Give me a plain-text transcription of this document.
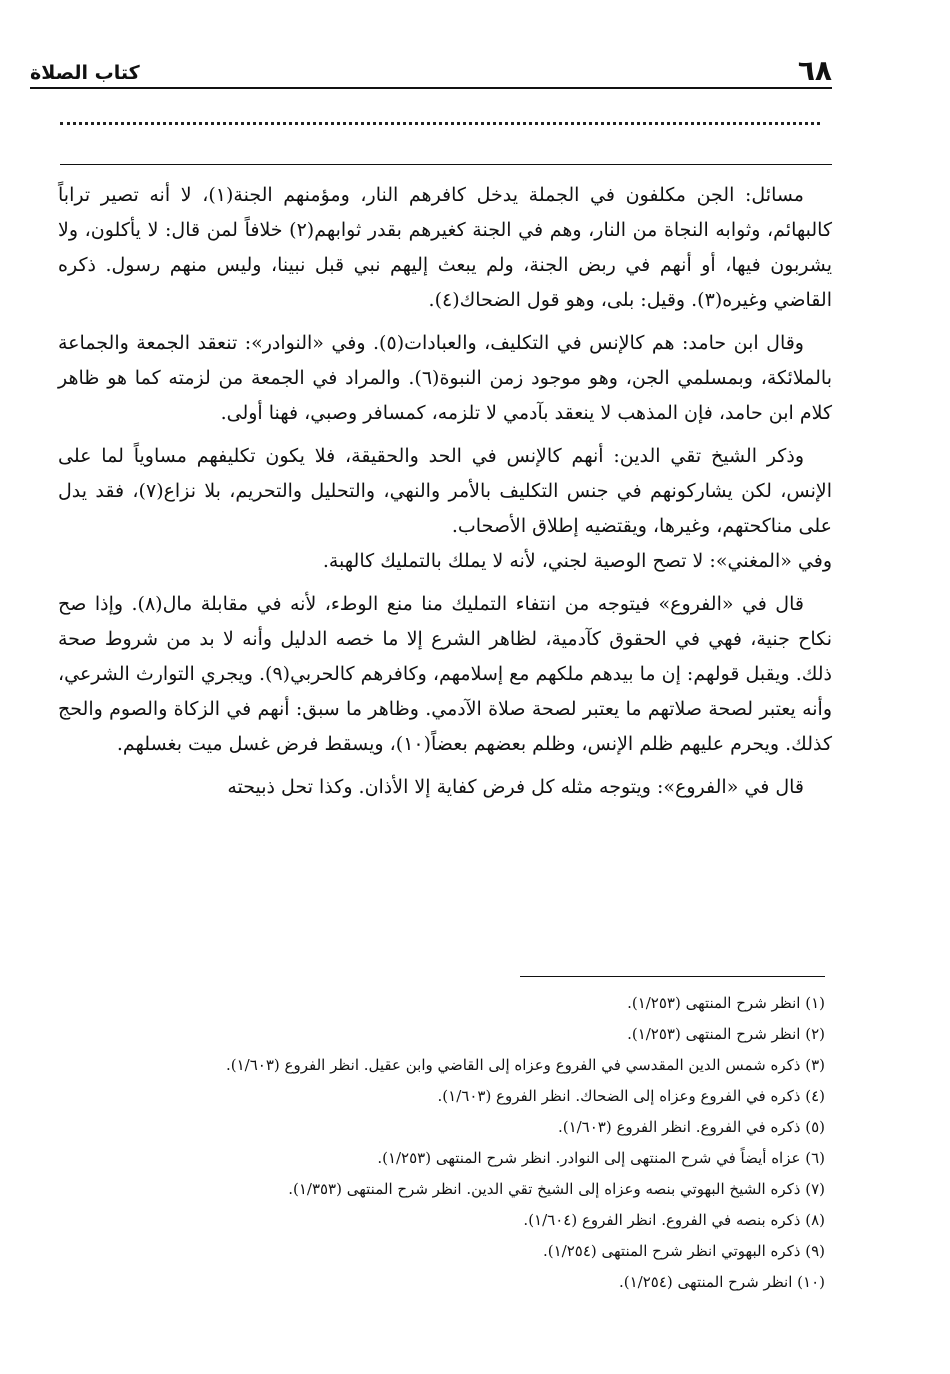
٦٨
كتاب الصلاة

مسائل: الجن مكلفون في الجملة يدخل كافرهم النار، ومؤمنهم الجنة(١)، لا أنه تصير تراباً كالبهائم، وثوابه النجاة من النار، وهم في الجنة كغيرهم بقدر ثوابهم(٢) خلافاً لمن قال: لا يأكلون، ولا يشربون فيها، أو أنهم في ربض الجنة، ولم يبعث إليهم نبي قبل نبينا، وليس منهم رسول. ذكره القاضي وغيره(٣). وقيل: بلى، وهو قول الضحاك(٤).

وقال ابن حامد: هم كالإنس في التكليف، والعبادات(٥). وفي «النوادر»: تنعقد الجمعة والجماعة بالملائكة، وبمسلمي الجن، وهو موجود زمن النبوة(٦). والمراد في الجمعة من لزمته كما هو ظاهر كلام ابن حامد، فإن المذهب لا ينعقد بآدمي لا تلزمه، كمسافر وصبي، فهنا أولى.

وذكر الشيخ تقي الدين: أنهم كالإنس في الحد والحقيقة، فلا يكون تكليفهم مساوياً لما على الإنس، لكن يشاركونهم في جنس التكليف بالأمر والنهي، والتحليل والتحريم، بلا نزاع(٧)، فقد يدل على مناكحتهم، وغيرها، ويقتضيه إطلاق الأصحاب.

وفي «المغني»: لا تصح الوصية لجني، لأنه لا يملك بالتمليك كالهبة.

قال في «الفروع» فيتوجه من انتفاء التمليك منا منع الوطء، لأنه في مقابلة مال(٨). وإذا صح نكاح جنية، فهي في الحقوق كآدمية، لظاهر الشرع إلا ما خصه الدليل وأنه لا بد من شروط صحة ذلك. ويقبل قولهم: إن ما بيدهم ملكهم مع إسلامهم، وكافرهم كالحربي(٩). ويجري التوارث الشرعي، وأنه يعتبر لصحة صلاتهم ما يعتبر لصحة صلاة الآدمي. وظاهر ما سبق: أنهم في الزكاة والصوم والحج كذلك. ويحرم عليهم ظلم الإنس، وظلم بعضهم بعضاً(١٠)، ويسقط فرض غسل ميت بغسلهم.

قال في «الفروع»: ويتوجه مثله كل فرض كفاية إلا الأذان. وكذا تحل ذبيحته

(١) انظر شرح المنتهى (١/٢٥٣).
(٢) انظر شرح المنتهى (١/٢٥٣).
(٣) ذكره شمس الدين المقدسي في الفروع وعزاه إلى القاضي وابن عقيل. انظر الفروع (١/٦٠٣).
(٤) ذكره في الفروع وعزاه إلى الضحاك. انظر الفروع (١/٦٠٣).
(٥) ذكره في الفروع. انظر الفروع (١/٦٠٣).
(٦) عزاه أيضاً في شرح المنتهى إلى النوادر. انظر شرح المنتهى (١/٢٥٣).
(٧) ذكره الشيخ البهوتي بنصه وعزاه إلى الشيخ تقي الدين. انظر شرح المنتهى (١/٣٥٣).
(٨) ذكره بنصه في الفروع. انظر الفروع (١/٦٠٤).
(٩) ذكره البهوتي انظر شرح المنتهى (١/٢٥٤).
(١٠) انظر شرح المنتهى (١/٢٥٤).
